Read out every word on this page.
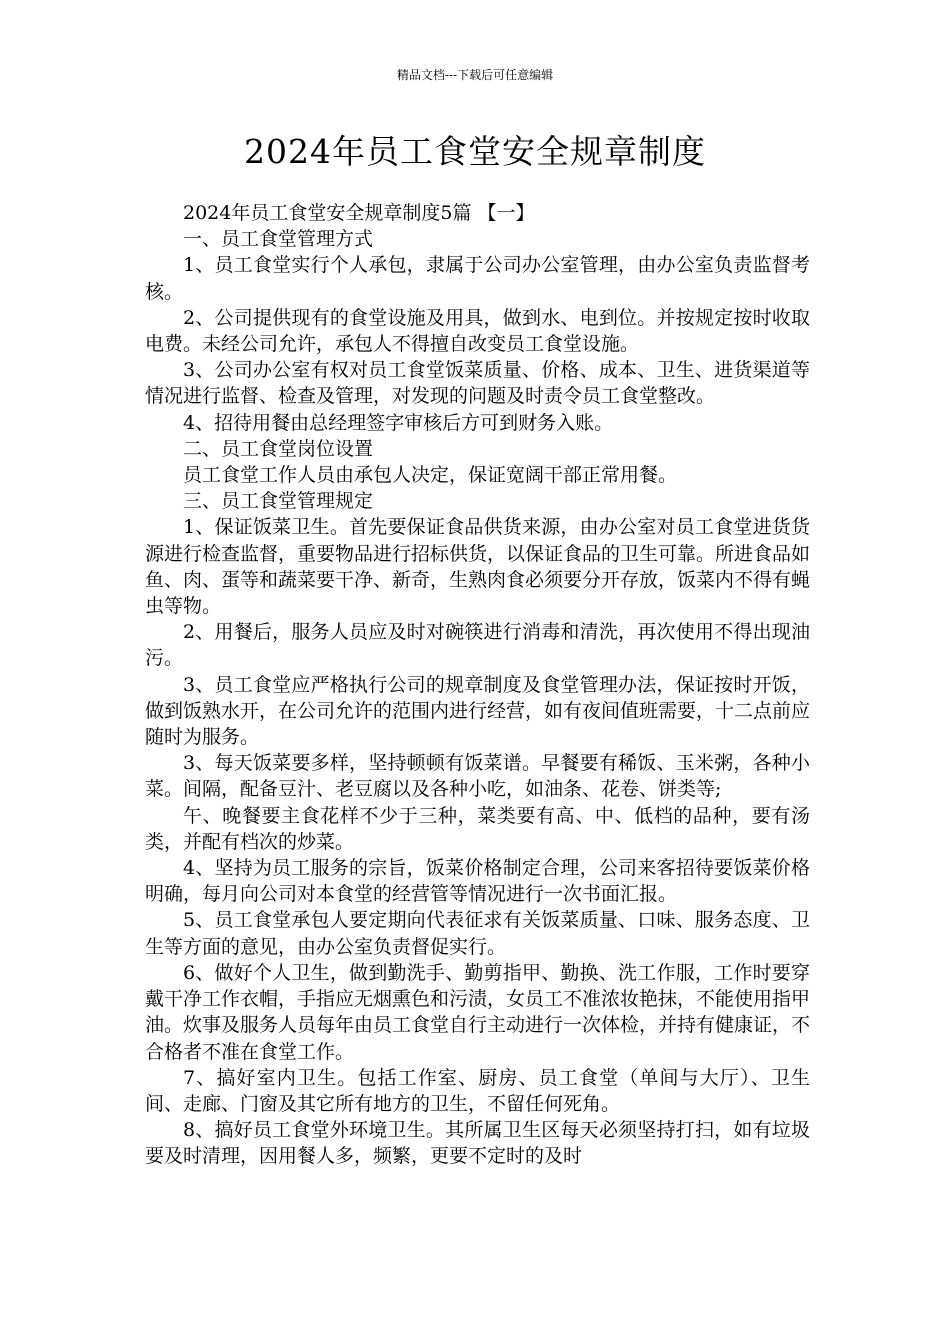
精品文档---下载后可任意编辑
2024年员工食堂安全规章制度

2024年员工食堂安全规章制度5篇 【一】

一、员工食堂管理方式

1、员工食堂实行个人承包，隶属于公司办公室管理，由办公室负责监督考核。

2、公司提供现有的食堂设施及用具，做到水、电到位。并按规定按时收取电费。未经公司允许，承包人不得擅自改变员工食堂设施。

3、公司办公室有权对员工食堂饭菜质量、价格、成本、卫生、进货渠道等情况进行监督、检查及管理，对发现的问题及时责令员工食堂整改。

4、招待用餐由总经理签字审核后方可到财务入账。

二、员工食堂岗位设置

员工食堂工作人员由承包人决定，保证宽阔干部正常用餐。

三、员工食堂管理规定

1、保证饭菜卫生。首先要保证食品供货来源，由办公室对员工食堂进货货源进行检查监督，重要物品进行招标供货，以保证食品的卫生可靠。所进食品如鱼、肉、蛋等和蔬菜要干净、新奇，生熟肉食必须要分开存放，饭菜内不得有蝇虫等物。

2、用餐后，服务人员应及时对碗筷进行消毒和清洗，再次使用不得出现油污。

3、员工食堂应严格执行公司的规章制度及食堂管理办法，保证按时开饭，做到饭熟水开，在公司允许的范围内进行经营，如有夜间值班需要，十二点前应随时为服务。

3、每天饭菜要多样，坚持顿顿有饭菜谱。早餐要有稀饭、玉米粥，各种小菜。间隔，配备豆汁、老豆腐以及各种小吃，如油条、花卷、饼类等;

午、晚餐要主食花样不少于三种，菜类要有高、中、低档的品种，要有汤类，并配有档次的炒菜。

4、坚持为员工服务的宗旨，饭菜价格制定合理，公司来客招待要饭菜价格明确，每月向公司对本食堂的经营管等情况进行一次书面汇报。

5、员工食堂承包人要定期向代表征求有关饭菜质量、口味、服务态度、卫生等方面的意见，由办公室负责督促实行。

6、做好个人卫生，做到勤洗手、勤剪指甲、勤换、洗工作服，工作时要穿戴干净工作衣帽，手指应无烟熏色和污渍，女员工不准浓妆艳抹，不能使用指甲油。炊事及服务人员每年由员工食堂自行主动进行一次体检，并持有健康证，不合格者不准在食堂工作。

7、搞好室内卫生。包括工作室、厨房、员工食堂（单间与大厅）、卫生间、走廊、门窗及其它所有地方的卫生，不留任何死角。

8、搞好员工食堂外环境卫生。其所属卫生区每天必须坚持打扫，如有垃圾要及时清理，因用餐人多，频繁，更要不定时的及时
